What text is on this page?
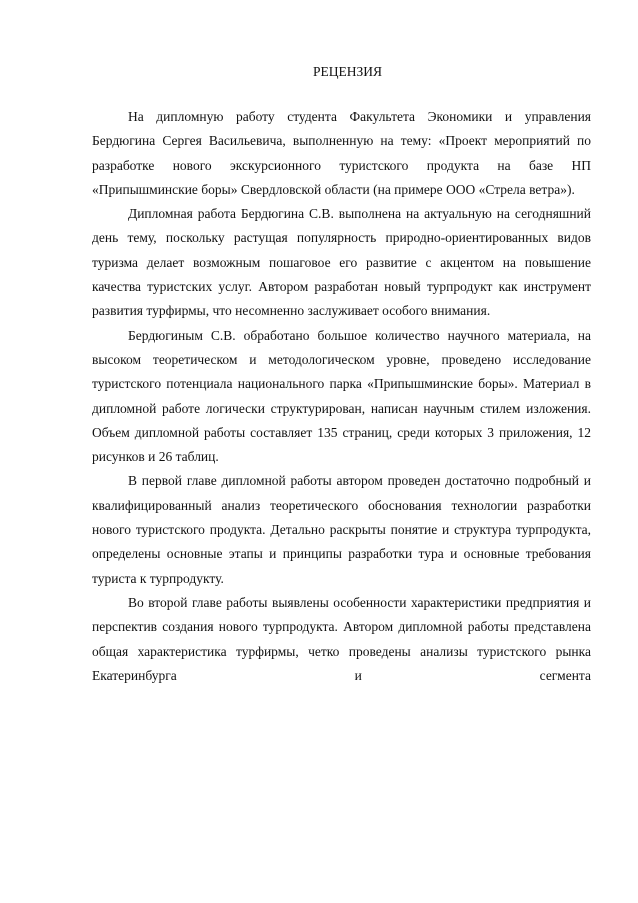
РЕЦЕНЗИЯ

На дипломную работу студента Факультета Экономики и управления Бердюгина Сергея Васильевича, выполненную на тему: «Проект мероприятий по разработке нового экскурсионного туристского продукта на базе НП «Припышминские боры» Свердловской области (на примере ООО «Стрела ветра»).

Дипломная работа Бердюгина С.В. выполнена на актуальную на сегодняшний день тему, поскольку растущая популярность природно-ориентированных видов туризма делает возможным пошаговое его развитие с акцентом на повышение качества туристских услуг. Автором разработан новый турпродукт как инструмент развития турфирмы, что несомненно заслуживает особого внимания.

Бердюгиным С.В. обработано большое количество научного материала, на высоком теоретическом и методологическом уровне, проведено исследование туристского потенциала национального парка «Припышминские боры». Материал в дипломной работе логически структурирован, написан научным стилем изложения. Объем дипломной работы составляет 135 страниц, среди которых 3 приложения, 12 рисунков и 26 таблиц.

В первой главе дипломной работы автором проведен достаточно подробный и квалифицированный анализ теоретического обоснования технологии разработки нового туристского продукта. Детально раскрыты понятие и структура турпродукта, определены основные этапы и принципы разработки тура и основные требования туриста к турпродукту.

Во второй главе работы выявлены особенности характеристики предприятия и перспектив создания нового турпродукта. Автором дипломной работы представлена общая характеристика турфирмы, четко проведены анализы туристского рынка Екатеринбурга и сегмента
